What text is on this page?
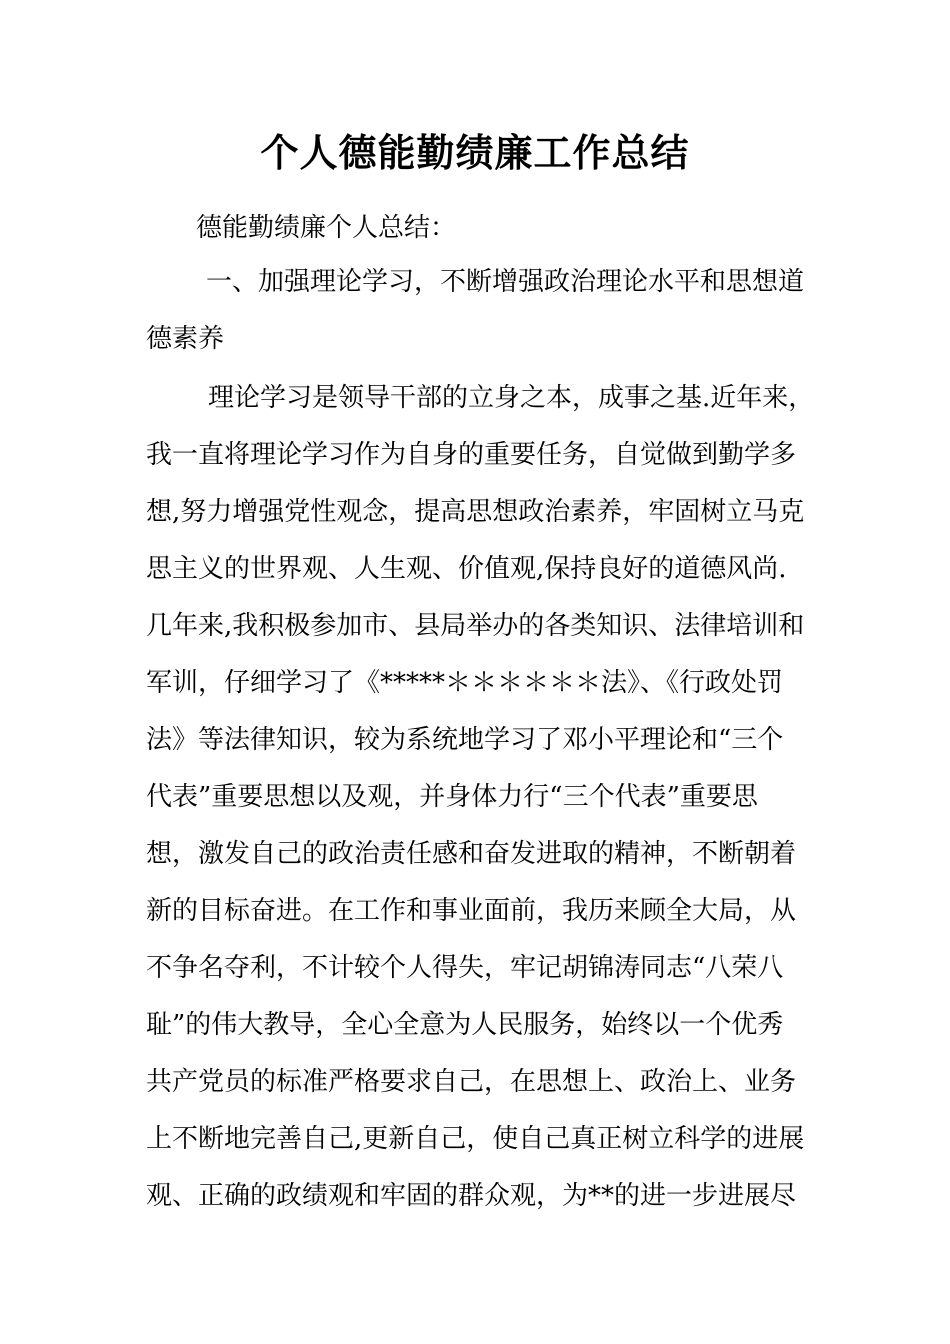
个人德能勤绩廉工作总结

德能勤绩廉个人总结：

一、加强理论学习，不断增强政治理论水平和思想道

德素养

理论学习是领导干部的立身之本，成事之基.近年来，

我一直将理论学习作为自身的重要任务，自觉做到勤学多

想,努力增强党性观念，提高思想政治素养，牢固树立马克

思主义的世界观、人生观、价值观,保持良好的道德风尚.

几年来,我积极参加市、县局举办的各类知识、法律培训和

军训，仔细学习了《*****＊＊＊＊＊＊法》、《行政处罚

法》等法律知识，较为系统地学习了邓小平理论和“三个

代表”重要思想以及观，并身体力行“三个代表”重要思

想，激发自己的政治责任感和奋发进取的精神，不断朝着

新的目标奋进。在工作和事业面前，我历来顾全大局，从

不争名夺利，不计较个人得失，牢记胡锦涛同志“八荣八

耻”的伟大教导，全心全意为人民服务，始终以一个优秀

共产党员的标准严格要求自己，在思想上、政治上、业务

上不断地完善自己,更新自己，使自己真正树立科学的进展

观、正确的政绩观和牢固的群众观，为**的进一步进展尽
